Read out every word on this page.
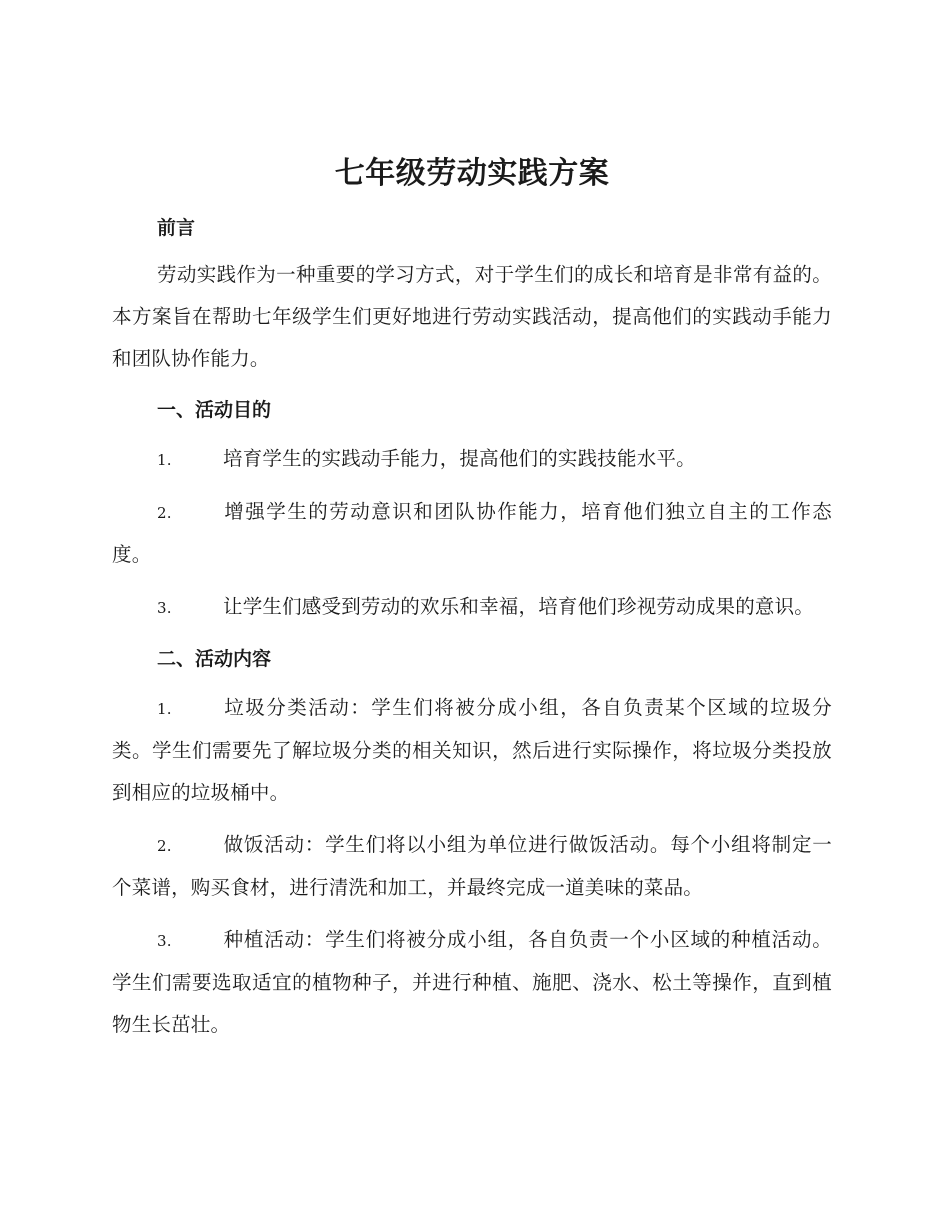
七年级劳动实践方案
前言

劳动实践作为一种重要的学习方式，对于学生们的成长和培育是非常有益的。本方案旨在帮助七年级学生们更好地进行劳动实践活动，提高他们的实践动手能力和团队协作能力。

一、活动目的

1.	培育学生的实践动手能力，提高他们的实践技能水平。

2.	增强学生的劳动意识和团队协作能力，培育他们独立自主的工作态度。

3.	让学生们感受到劳动的欢乐和幸福，培育他们珍视劳动成果的意识。

二、活动内容

1.	垃圾分类活动：学生们将被分成小组，各自负责某个区域的垃圾分类。学生们需要先了解垃圾分类的相关知识，然后进行实际操作，将垃圾分类投放到相应的垃圾桶中。

2.	做饭活动：学生们将以小组为单位进行做饭活动。每个小组将制定一个菜谱，购买食材，进行清洗和加工，并最终完成一道美味的菜品。

3.	种植活动：学生们将被分成小组，各自负责一个小区域的种植活动。学生们需要选取适宜的植物种子，并进行种植、施肥、浇水、松土等操作，直到植物生长茁壮。
